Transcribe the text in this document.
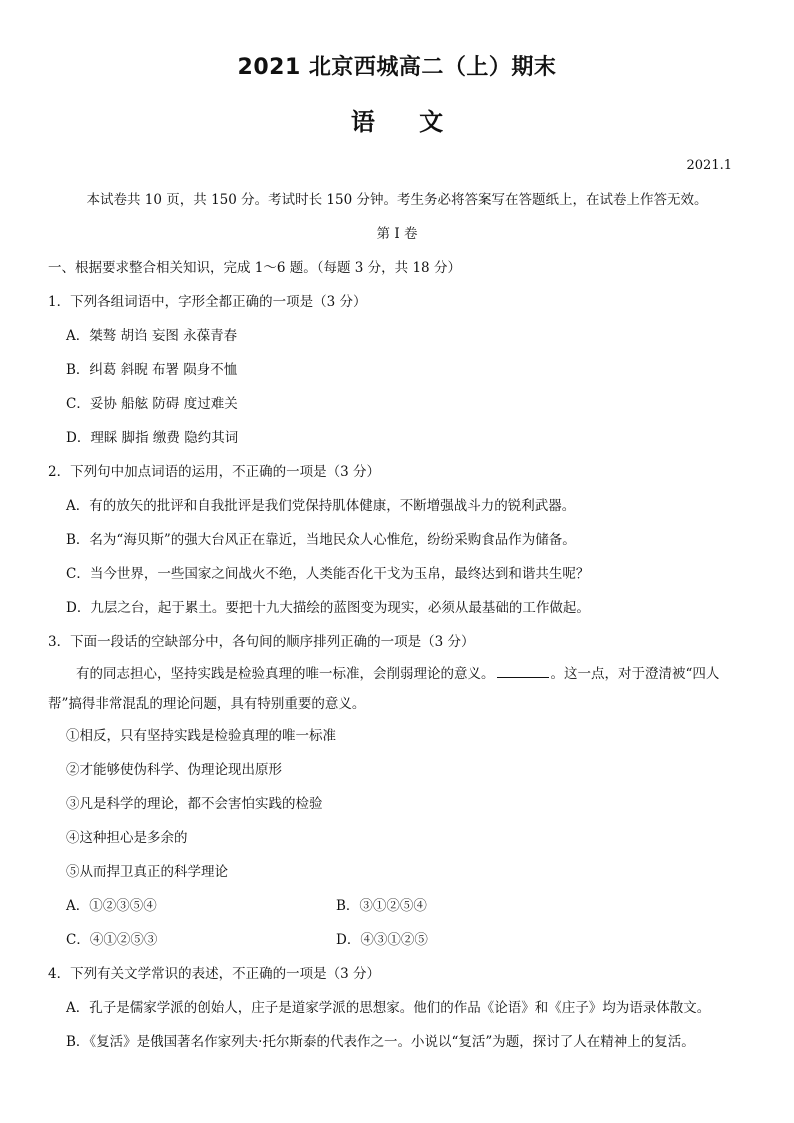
2021 北京西城高二（上）期末
语 文
2021.1
本试卷共 10 页，共 150 分。考试时长 150 分钟。考生务必将答案写在答题纸上，在试卷上作答无效。
第 I 卷
一、根据要求整合相关知识，完成 1～6 题。（每题 3 分，共 18 分）
1．下列各组词语中，字形全都正确的一项是（3 分）
A．桀骜 胡诌 妄图 永葆青春
B．纠葛 斜睨 布署 陨身不恤
C．妥协 船舷 防碍 度过难关
D．理睬 脚指 缴费 隐约其词
2．下列句中加点词语的运用，不正确的一项是（3 分）
A．有的放矢的批评和自我批评是我们党保持肌体健康，不断增强战斗力的锐利武器。
B．名为“海贝斯”的强大台风正在靠近，当地民众人心惟危，纷纷采购食品作为储备。
C．当今世界，一些国家之间战火不绝，人类能否化干戈为玉帛，最终达到和谐共生呢？
D．九层之台，起于累土。要把十九大描绘的蓝图变为现实，必须从最基础的工作做起。
3．下面一段话的空缺部分中，各句间的顺序排列正确的一项是（3 分）
有的同志担心，坚持实践是检验真理的唯一标准，会削弱理论的意义。	。这一点，对于澄清被“四人帮”搞得非常混乱的理论问题，具有特别重要的意义。
①相反，只有坚持实践是检验真理的唯一标准
②才能够使伪科学、伪理论现出原形
③凡是科学的理论，都不会害怕实践的检验
④这种担心是多余的
⑤从而捍卫真正的科学理论
A．①②③⑤④	B．③①②⑤④
C．④①②⑤③	D．④③①②⑤
4．下列有关文学常识的表述，不正确的一项是（3 分）
A．孔子是儒家学派的创始人，庄子是道家学派的思想家。他们的作品《论语》和《庄子》均为语录体散文。
B．《复活》是俄国著名作家列夫·托尔斯泰的代表作之一。小说以“复活”为题，探讨了人在精神上的复活。
